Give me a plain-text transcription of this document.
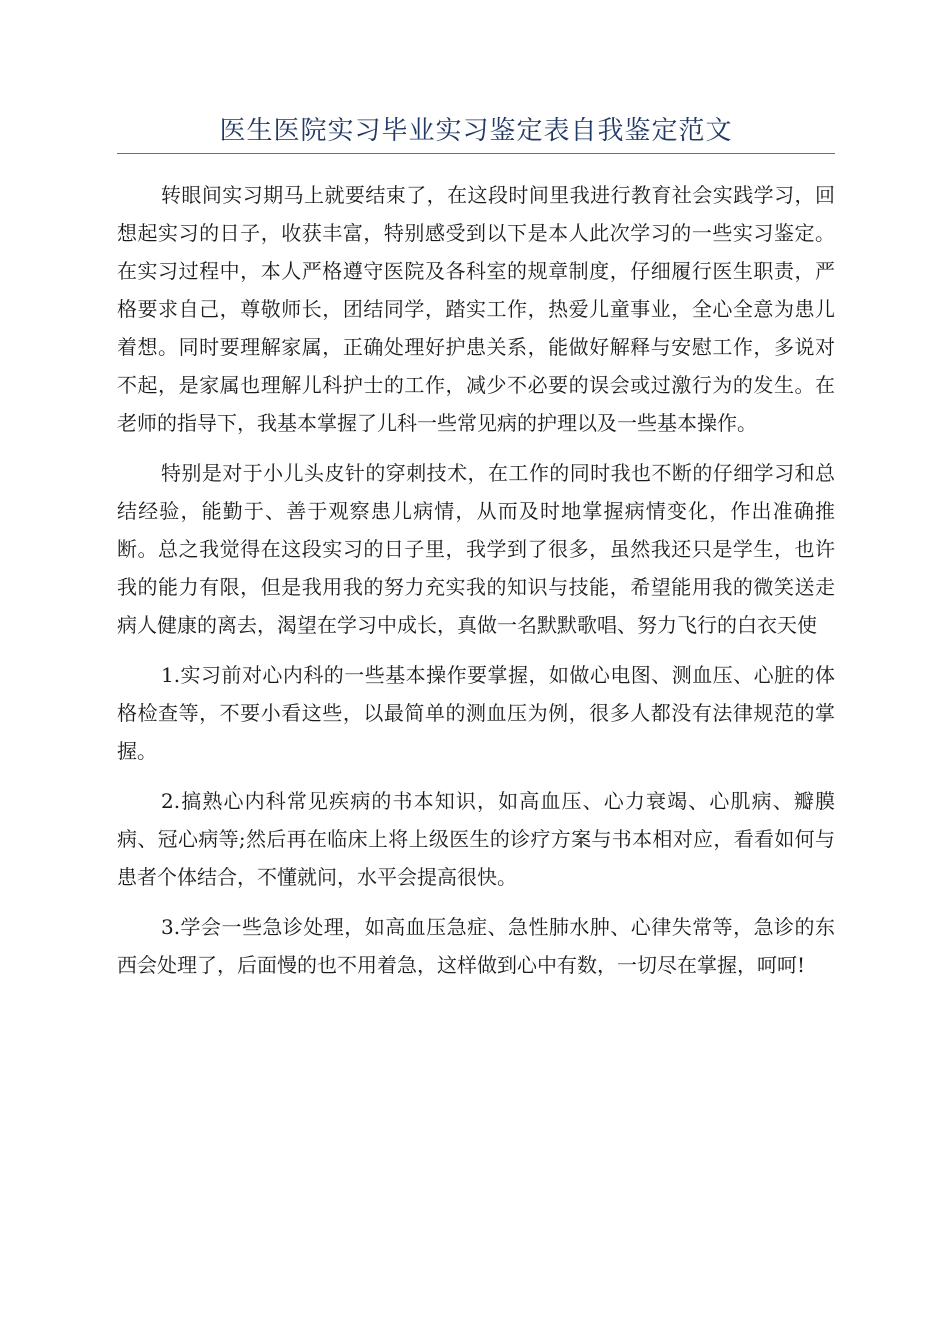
医生医院实习毕业实习鉴定表自我鉴定范文

转眼间实习期马上就要结束了，在这段时间里我进行教育社会实践学习，回想起实习的日子，收获丰富，特别感受到以下是本人此次学习的一些实习鉴定。在实习过程中，本人严格遵守医院及各科室的规章制度，仔细履行医生职责，严格要求自己，尊敬师长，团结同学，踏实工作，热爱儿童事业，全心全意为患儿着想。同时要理解家属，正确处理好护患关系，能做好解释与安慰工作，多说对不起，是家属也理解儿科护士的工作，减少不必要的误会或过激行为的发生。在老师的指导下，我基本掌握了儿科一些常见病的护理以及一些基本操作。

特别是对于小儿头皮针的穿刺技术，在工作的同时我也不断的仔细学习和总结经验，能勤于、善于观察患儿病情，从而及时地掌握病情变化，作出准确推断。总之我觉得在这段实习的日子里，我学到了很多，虽然我还只是学生，也许我的能力有限，但是我用我的努力充实我的知识与技能，希望能用我的微笑送走病人健康的离去，渴望在学习中成长，真做一名默默歌唱、努力飞行的白衣天使

1.实习前对心内科的一些基本操作要掌握，如做心电图、测血压、心脏的体格检查等，不要小看这些，以最简单的测血压为例，很多人都没有法律规范的掌握。

2.搞熟心内科常见疾病的书本知识，如高血压、心力衰竭、心肌病、瓣膜病、冠心病等;然后再在临床上将上级医生的诊疗方案与书本相对应，看看如何与患者个体结合，不懂就问，水平会提高很快。

3.学会一些急诊处理，如高血压急症、急性肺水肿、心律失常等，急诊的东西会处理了，后面慢的也不用着急，这样做到心中有数，一切尽在掌握，呵呵!
